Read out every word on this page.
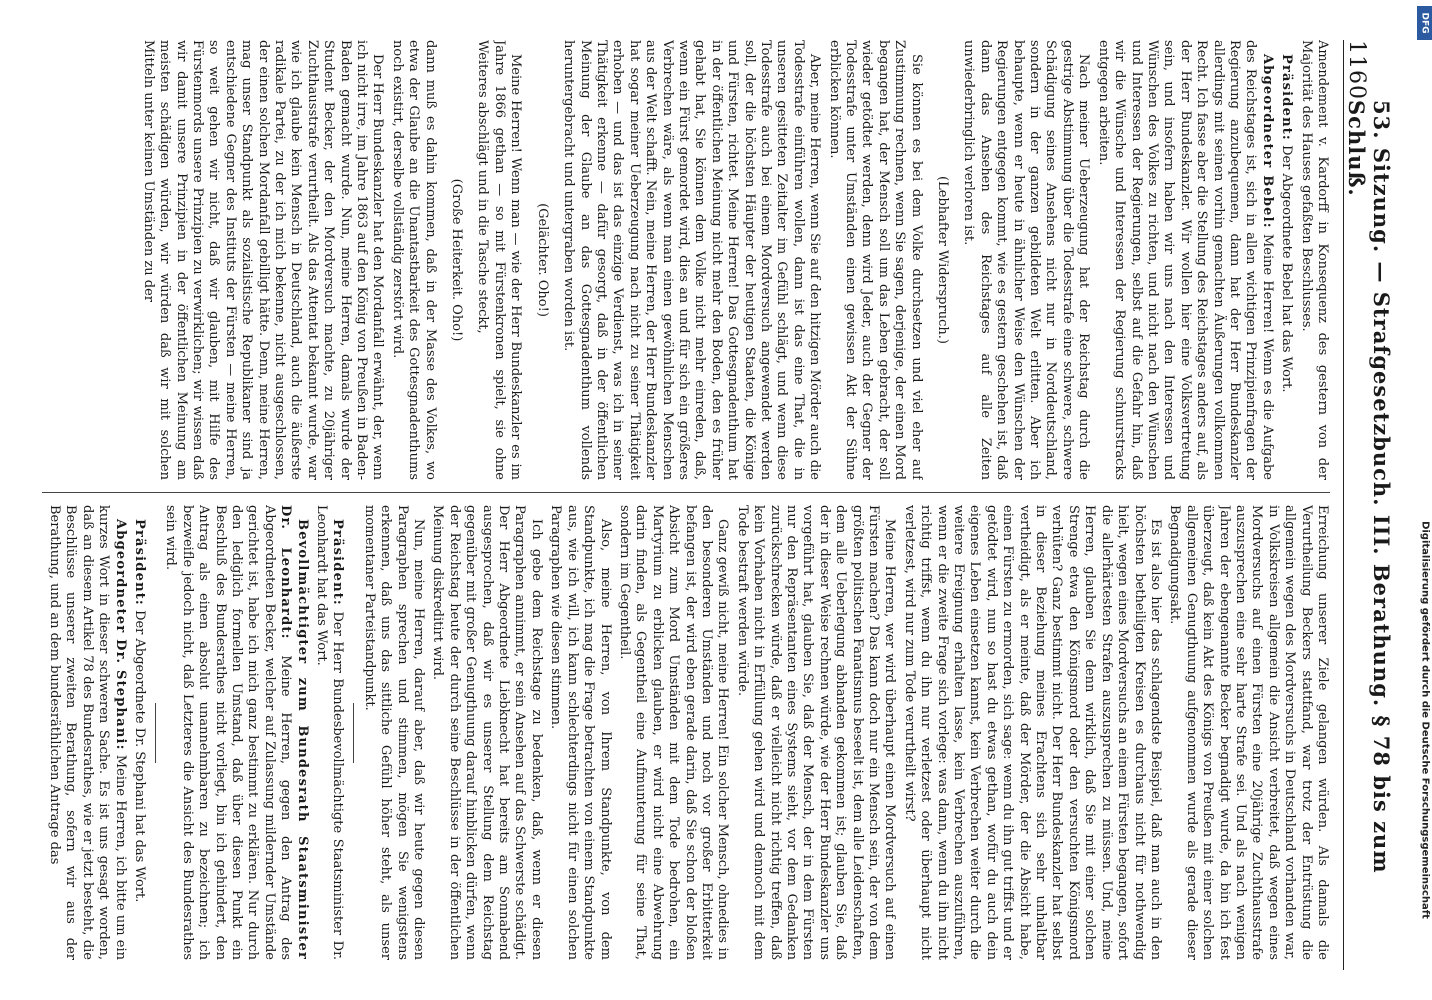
1160
53. Sitzung. — Strafgesetzbuch. III. Berathung. § 78 bis zum Schluß.

Amendement v. Kardorff in Konsequenz des gestern von der Majorität des Hauses gefaßten Beschlusses.

Präsident: Der Abgeordnete Bebel hat das Wort.

Abgeordneter Bebel: Meine Herren! Wenn es die Aufgabe des Reichstages ist, sich in allen wichtigen Prinzipienfragen der Regierung anzubequemen, dann hat der Herr Bundeskanzler allerdings mit seinen vorhin gemachten Äußerungen vollkommen Recht. Ich fasse aber die Stellung des Reichstages anders auf, als der Herr Bundeskanzler. Wir wollen hier eine Volksvertretung sein, und insofern haben wir uns nach den Interessen und Wünschen des Volkes zu richten, und nicht nach den Wünschen und Interessen der Regierungen, selbst auf die Gefahr hin, daß wir die Wünsche und Interessen der Regierung schnurstracks entgegen arbeiten.

Nach meiner Ueberzeugung hat der Reichstag durch die gestrige Abstimmung über die Todesstrafe eine schwere, schwere Schädigung seines Ansehens nicht nur in Norddeutschland, sondern in der ganzen gebildeten Welt erlitten. Aber ich behaupte, wenn er heute in ähnlicher Weise den Wünschen der Regierungen entgegen kommt, wie es gestern geschehen ist, daß dann das Ansehen des Reichstages auf alle Zeiten unwiederbringlich verloren ist.

(Lebhafter Widerspruch.)

Sie können es bei dem Volke durchsetzen und viel eher auf Zustimmung rechnen, wenn Sie sagen, derjenige, der einen Mord begangen hat, der Mensch soll um das Leben gebracht, der soll wieder getödtet werden, denn wird Jeder, auch der Gegner der Todesstrafe unter Umständen einen gewissen Akt der Sühne erblicken können.

Aber, meine Herren, wenn Sie auf den hitzigen Mörder auch die Todesstrafe einführen wollen, dann ist das eine That, die in unseren gesitteten Zeitalter im Gefühl schlägt, und wenn diese Todesstrafe auch bei einem Mordversuch angewendet werden soll, der die höchsten Häupter der heutigen Staaten, die Könige und Fürsten, richtet. Meine Herren! Das Gottesgnadenthum hat in der öffentlichen Meinung nicht mehr den Boden, den es früher gehabt hat, Sie können dem Volke nicht mehr einreden, daß, wenn ein Fürst gemordet wird, dies an und für sich ein größeres Verbrechen wäre, als wenn man einen gewöhnlichen Menschen aus der Welt schafft. Nein, meine Herren, der Herr Bundeskanzler hat sogar meiner Ueberzeugung nach nicht zu seiner Thätigkeit erhoben — und das ist das einzige Verdienst, was ich in seiner Thätigkeit erkenne — dafür gesorgt, daß in der öffentlichen Meinung der Glaube an das Gottesgnadenthum vollends heruntergebracht und untergraben worden ist.

(Gelächter. Oho!)

Meine Herren! Wenn man — wie der Herr Bundeskanzler es im Jahre 1866 gethan — so mit Fürstenkronen spielt, sie ohne Weiteres abschlägt und in die Tasche steckt,

(Große Heiterkeit. Oho!)

dann muß es dahin kommen, daß in der Masse des Volkes, wo etwa der Glaube an die Unantastbarkeit des Gottesgnadenthums noch existirt, derselbe vollständig zerstört wird.

Der Herr Bundeskanzler hat den Mordanfall erwähnt, der, wenn ich nicht irre, im Jahre 1863 auf den König von Preußen in Baden-Baden gemacht wurde. Nun, meine Herren, damals wurde der Student Becker, der den Mordversuch machte, zu 20jähriger Zuchthausstrafe verurtheilt. Als das Attentat bekannt wurde, war wie ich glaube kein Mensch in Deutschland, auch die äußerste radikale Partei, zu der ich mich bekenne, nicht ausgeschlossen, der einen solchen Mordanfall gebilligt hätte. Denn, meine Herren, mag unser Standpunkt als sozialistische Republikaner sind ja entschiedene Gegner des Instituts der Fürsten — meine Herren, so weit gehen wir nicht, daß wir glauben, mit Hilfe des Fürstenmords unsere Prinzipien zu verwirklichen; wir wissen daß wir damit unsere Prinzipien in der öffentlichen Meinung am meisten schädigen würden, wir würden daß wir mit solchen Mitteln unter keinen Umständen zu der

Erreichung unserer Ziele gelangen würden. Als damals die Verurtheilung Beckers stattfand, war trotz der Entrüstung die allgemein wegen des Mordversuchs in Deutschland vorhanden war, in Volkskreisen allgemein die Ansicht verbreitet, daß wegen eines Mordversuchs auf einen Fürsten eine 20jährige Zuchthausstrafe auszusprechen eine sehr harte Strafe sei. Und als nach wenigen Jahren der ebengenannte Becker begnadigt wurde, da bin ich fest überzeugt, daß kein Akt des Königs von Preußen mit einer solchen allgemeinen Genugthuung aufgenommen wurde als gerade dieser Begnadigungsakt.

Es ist also hier das schlagendste Beispiel, daß man auch in den höchsten betheiligten Kreisen es durchaus nicht für nothwendig hielt, wegen eines Mordversuchs an einem Fürsten begangen, sofort die allerhärtesten Strafen auszusprechen zu müssen. Und, meine Herren, glauben Sie denn wirklich, daß Sie mit einer solchen Strenge etwa den Königsmord oder den versuchten Königsmord verhüten? Ganz bestimmt nicht. Der Herr Bundeskanzler hat selbst in dieser Beziehung meines Erachtens sich sehr unhaltbar vertheidigt, als er meinte, daß der Mörder, der die Absicht habe, einen Fürsten zu ermorden, sich sage: wenn du ihn gut triffst und er getödtet wird, nun so hast du etwas gethan, wofür du auch dein eigenes Leben einsetzen kannst, kein Verbrechen weiter durch die weitere Ereignung erhalten lasse, kein Verbrechen auszuführen, wenn er die zweite Frage sich vorlege: was dann, wenn du ihn nicht richtig triffst, wenn du ihn nur verletzest oder überhaupt nicht verletzest, wird nur zum Tode verurtheilt wirst?

Meine Herren, wer wird überhaupt einen Mordversuch auf einen Fürsten machen? Das kann doch nur ein Mensch sein, der von dem größten politischen Fanatismus beseelt ist, dem alle Leidenschaften, dem alle Ueberlegung abhanden gekommen ist; glauben Sie, daß der in dieser Weise rechnen würde, wie der Herr Bundeskanzler uns vorgeführt hat, glauben Sie, daß der Mensch, der in dem Fürsten nur den Repräsentanten eines Systems sieht, vor dem Gedanken zurückschrecken würde, daß er vielleicht nicht richtig treffen, daß kein Vorhaben nicht in Erfüllung gehen wird und dennoch mit dem Tode bestraft werden würde.

Ganz gewiß nicht, meine Herren! Ein solcher Mensch, ohnedies in den besonderen Umständen und noch vor großer Erbitterkeit befangen ist, der wird eben gerade darin, daß Sie schon der bloßen Absicht zum Mord Umständen mit dem Tode bedrohen, ein Martyrium zu erblicken glauben, er wird nicht eine Abwehrung darin finden, als Gegentheil eine Aufmunterung für seine That, sondern im Gegentheil.

Also, meine Herren, von Ihrem Standpunkte, von dem Standpunkte, ich mag die Frage betrachten von einem Standpunkte aus, wie ich will, ich kann schlechterdings nicht für einen solchen Paragraphen wie diesen stimmen.

Ich gebe dem Reichstage zu bedenken, daß, wenn er diesen Paragraphen annimmt, er sein Ansehen auf das Schwerste schädigt. Der Herr Abgeordnete Liebknecht hat bereits am Sonnabend ausgesprochen, daß wir es unserer Stellung dem Reichstag gegenüber mit großer Genugthuung darauf hinblicken dürfen, wenn der Reichstag heute der durch seine Beschlüsse in der öffentlichen Meinung diskreditirt wird.

Nun, meine Herren, darauf aber, daß wir heute gegen diesen Paragraphen sprechen und stimmen, mögen Sie wenigstens erkennen, daß uns das sittliche Gefühl höher steht, als unser momentaner Parteistandpunkt.

Präsident: Der Herr Bundesbevollmächtigte Staatsminister Dr. Leonhardt hat das Wort.

Bevollmächtigter zum Bundesrath Staatsminister Dr. Leonhardt: Meine Herren, gegen den Antrag des Abgeordneten Becker, welcher auf Zulassung mildernder Umstände gerichtet ist, habe ich mich ganz bestimmt zu erklären. Nur durch den lediglich formellen Umstand, daß über diesen Punkt ein Beschluß des Bundesrathes nicht vorliegt, bin ich gehindert, den Antrag als einen absolut unannehmbaren zu bezeichnen; ich bezweifle jedoch nicht, daß Letzteres die Ansicht des Bundesrathes sein wird.

Präsident: Der Abgeordnete Dr. Stephani hat das Wort.

Abgeordneter Dr. Stephani: Meine Herren, ich bitte um ein kurzes Wort in dieser schweren Sache. Es ist uns gesagt worden, daß an diesem Artikel 78 des Bundesrathes, wie er jetzt besteht, die Beschlüsse unserer zweiten Berathung, sofern wir aus der Berathung, und an dem bundesräthlichen Antrage das

DFG
Digitalisierung gefördert durch die Deutsche Forschungsgemeinschaft
